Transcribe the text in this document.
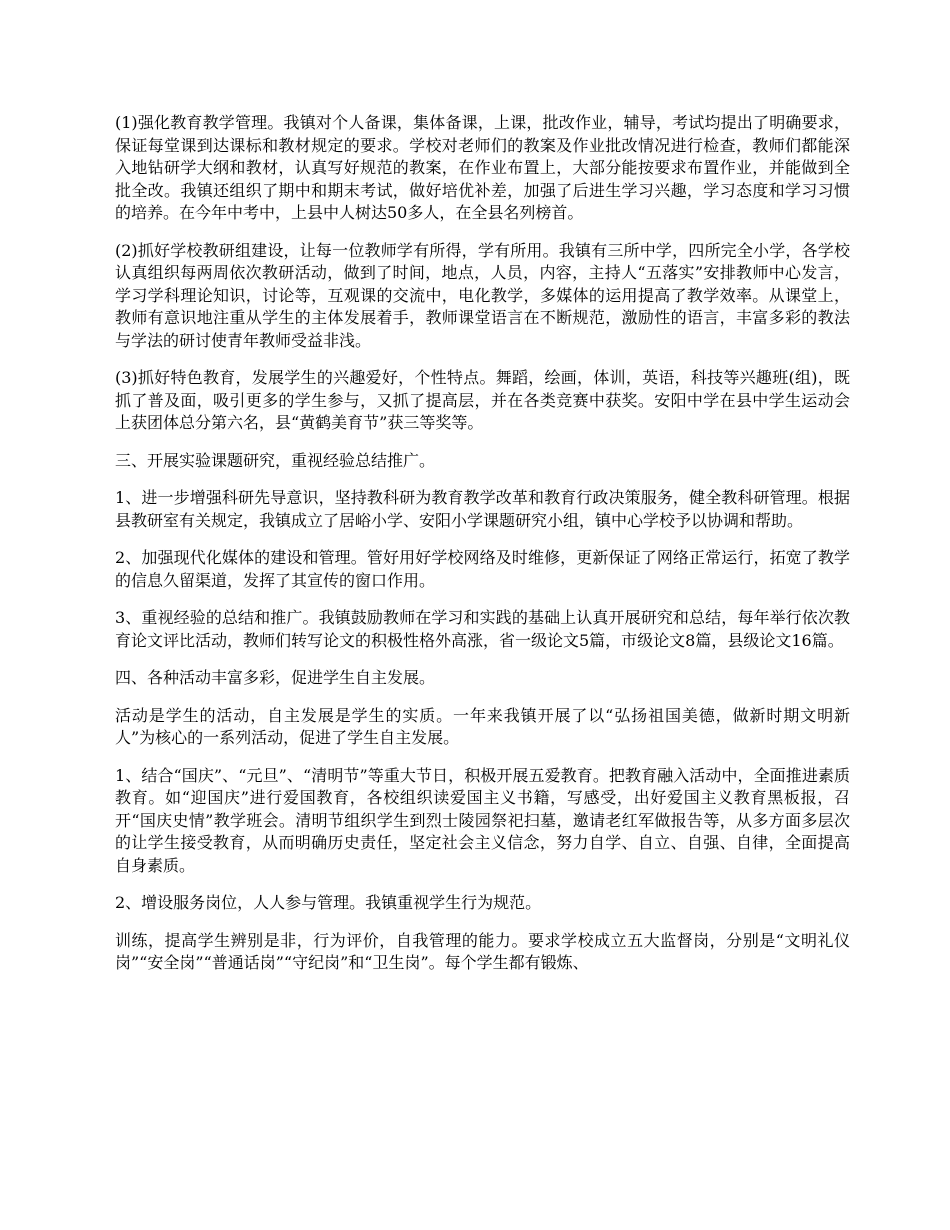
(1)强化教育教学管理。我镇对个人备课，集体备课，上课，批改作业，辅导，考试均提出了明确要求，保证每堂课到达课标和教材规定的要求。学校对老师们的教案及作业批改情况进行检查，教师们都能深入地钻研学大纲和教材，认真写好规范的教案，在作业布置上，大部分能按要求布置作业，并能做到全批全改。我镇还组织了期中和期末考试，做好培优补差，加强了后进生学习兴趣，学习态度和学习习惯的培养。在今年中考中，上县中人树达50多人，在全县名列榜首。

(2)抓好学校教研组建设，让每一位教师学有所得，学有所用。我镇有三所中学，四所完全小学，各学校认真组织每两周依次教研活动，做到了时间，地点，人员，内容，主持人“五落实”安排教师中心发言，学习学科理论知识，讨论等，互观课的交流中，电化教学，多媒体的运用提高了教学效率。从课堂上，教师有意识地注重从学生的主体发展着手，教师课堂语言在不断规范，激励性的语言，丰富多彩的教法与学法的研讨使青年教师受益非浅。

(3)抓好特色教育，发展学生的兴趣爱好，个性特点。舞蹈，绘画，体训，英语，科技等兴趣班(组)，既抓了普及面，吸引更多的学生参与，又抓了提高层，并在各类竞赛中获奖。安阳中学在县中学生运动会上获团体总分第六名，县“黄鹤美育节”获三等奖等。

三、开展实验课题研究，重视经验总结推广。

1、进一步增强科研先导意识，坚持教科研为教育教学改革和教育行政决策服务，健全教科研管理。根据县教研室有关规定，我镇成立了居峪小学、安阳小学课题研究小组，镇中心学校予以协调和帮助。

2、加强现代化媒体的建设和管理。管好用好学校网络及时维修，更新保证了网络正常运行，拓宽了教学的信息久留渠道，发挥了其宣传的窗口作用。

3、重视经验的总结和推广。我镇鼓励教师在学习和实践的基础上认真开展研究和总结，每年举行依次教育论文评比活动，教师们转写论文的积极性格外高涨，省一级论文5篇，市级论文8篇，县级论文16篇。

四、各种活动丰富多彩，促进学生自主发展。

活动是学生的活动，自主发展是学生的实质。一年来我镇开展了以“弘扬祖国美德，做新时期文明新人”为核心的一系列活动，促进了学生自主发展。

1、结合“国庆”、“元旦”、“清明节”等重大节日，积极开展五爱教育。把教育融入活动中，全面推进素质教育。如“迎国庆”进行爱国教育，各校组织读爱国主义书籍，写感受，出好爱国主义教育黑板报，召开“国庆史情”教学班会。清明节组织学生到烈士陵园祭祀扫墓，邀请老红军做报告等，从多方面多层次的让学生接受教育，从而明确历史责任，坚定社会主义信念，努力自学、自立、自强、自律，全面提高自身素质。

2、增设服务岗位，人人参与管理。我镇重视学生行为规范。

训练，提高学生辨别是非，行为评价，自我管理的能力。要求学校成立五大监督岗，分别是“文明礼仪岗”“安全岗”“普通话岗”“守纪岗”和“卫生岗”。每个学生都有锻炼、
